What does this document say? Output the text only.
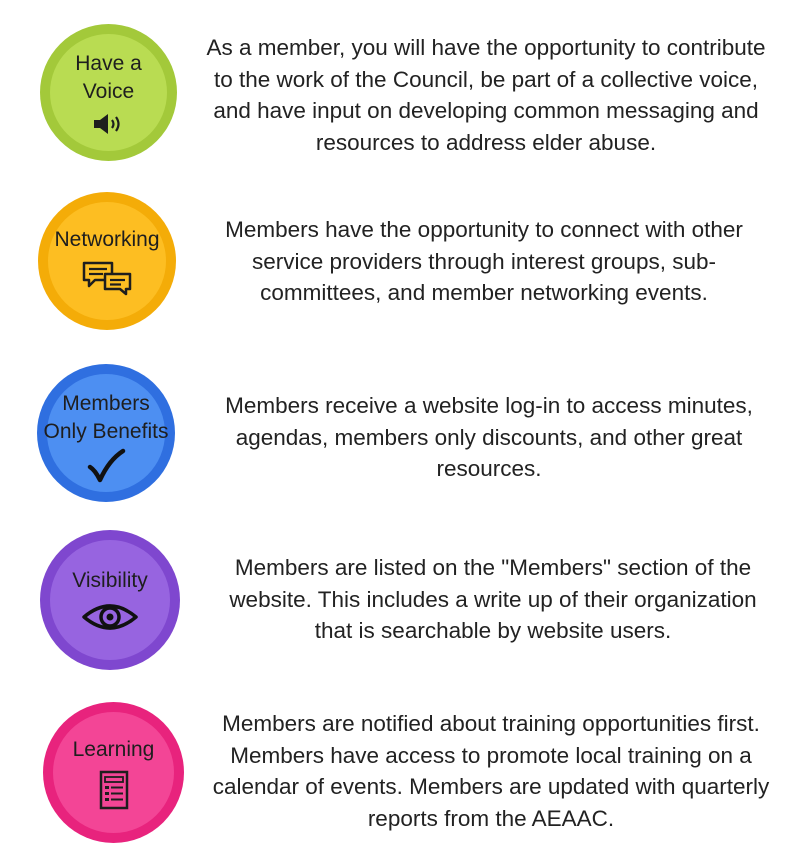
Have a
Voice
As a member, you will have the opportunity to contribute to the work of the Council, be part of a collective voice, and have input on developing common messaging and resources to address elder abuse.
Networking	Members have the opportunity to connect with other service providers through interest groups, sub-committees, and member networking events.
Members
Only Benefits
Members receive a website log-in to access minutes, agendas, members only discounts, and other great resources.
Visibility
Members are listed on the "Members" section of the website. This includes a write up of their organization that is searchable by website users.
Learning
Members are notified about training opportunities first. Members have access to promote local training on a calendar of events. Members are updated with quarterly reports from the AEAAC.
